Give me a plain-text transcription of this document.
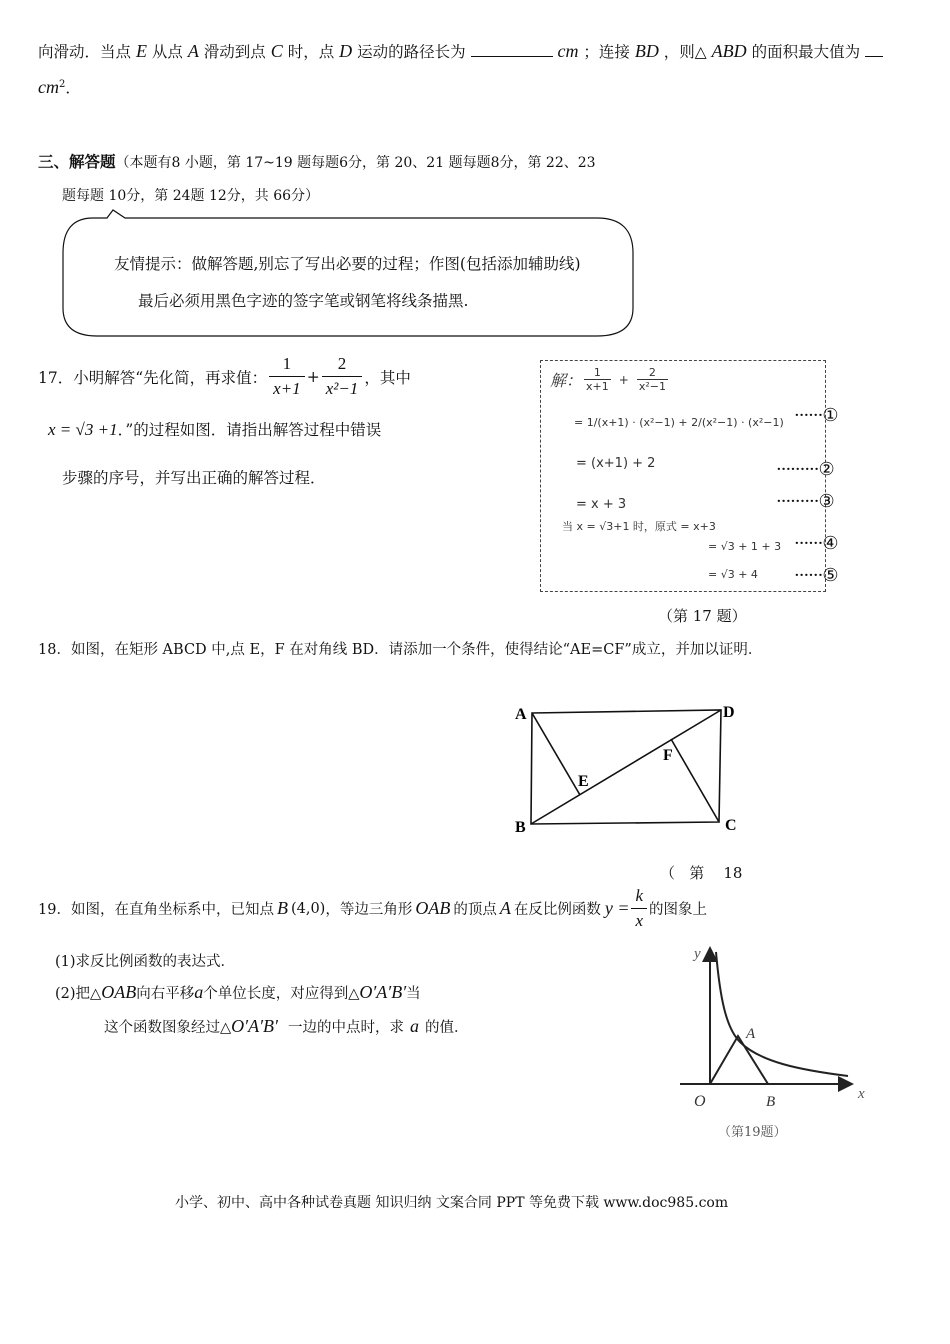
向滑动．当点 E 从点 A 滑动到点 C 时，点 D 运动的路径长为	cm ；连接 BD ，则△ ABD 的面积最大值为
$cm^2$．
三、解答题（本题有8 小题，第 17~19 题每题6分，第 20、21 题每题8分，第 22、23
题每题 10分，第 24题 12分，共 66分）
友情提示：做解答题,别忘了写出必要的过程；作图(包括添加辅助线)
最后必须用黑色字迹的签字笔或钢笔将线条描黑.
17．小明解答“先化简，再求值： $\frac{1}{x+1} + \frac{2}{\text{x²−1}}$ ，其中
x = √3 +1．”的过程如图．请指出解答过程中错误
步骤的序号，并写出正确的解答过程．
解： $\frac{1}{x+1} + \frac{2}{\text{x²−1}}$
= 1/(x+1) · (x²−1) + 2/(x²−1) · (x²−1)
= (x+1) + 2
= x + 3
当 x = √3+1 时，原式 = x+3
= √3 + 1 + 3
= √3 + 4
······①
·········②
·········③
······④
······⑤
（第 17 题）
18．如图，在矩形 ABCD 中,点 E，F 在对角线 BD．请添加一个条件，使得结论“AE=CF”成立，并加以证明．
A
B	C
D
E
F
（   第    18
19．如图，在直角坐标系中，已知点 B (4,0) ，等边三角形 OAB 的顶点 A 在反比例函数 $y = \frac{k}{x}$ 的图象上
(1)求反比例函数的表达式．
(2)把△OAB向右平移a个单位长度，对应得到△O′A′B′当
这个函数图象经过△O′A′B′ 一边的中点时，求 a 的值．
y
x
O
A
B
（第19题）
小学、初中、高中各种试卷真题 知识归纳 文案合同 PPT 等免费下载 www.doc985.com
